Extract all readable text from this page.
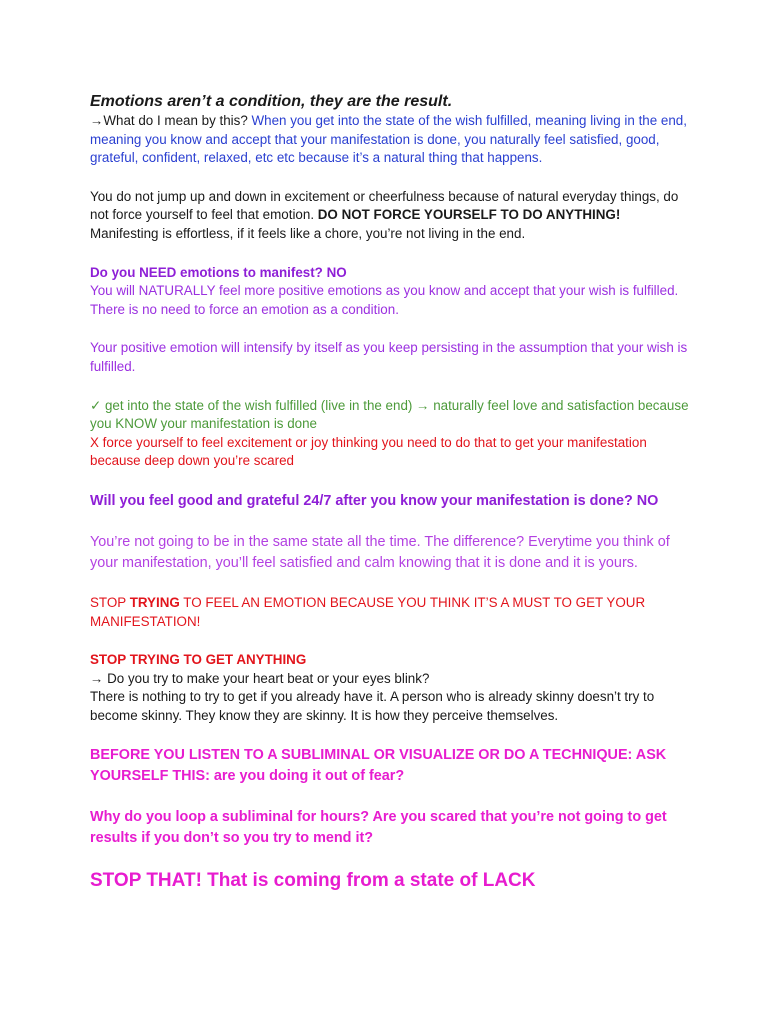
Emotions aren’t a condition, they are the result.

→What do I mean by this? When you get into the state of the wish fulfilled, meaning living in the end, meaning you know and accept that your manifestation is done, you naturally feel satisfied, good, grateful, confident, relaxed, etc etc because it’s a natural thing that happens.

You do not jump up and down in excitement or cheerfulness because of natural everyday things, do not force yourself to feel that emotion. DO NOT FORCE YOURSELF TO DO ANYTHING!
Manifesting is effortless, if it feels like a chore, you’re not living in the end.

Do you NEED emotions to manifest? NO

You will NATURALLY feel more positive emotions as you know and accept that your wish is fulfilled. There is no need to force an emotion as a condition.

Your positive emotion will intensify by itself as you keep persisting in the assumption that your wish is fulfilled.

✓ get into the state of the wish fulfilled (live in the end) → naturally feel love and satisfaction because you KNOW your manifestation is done

X force yourself to feel excitement or joy thinking you need to do that to get your manifestation because deep down you’re scared

Will you feel good and grateful 24/7 after you know your manifestation is done? NO

You’re not going to be in the same state all the time. The difference? Everytime you think of your manifestation, you’ll feel satisfied and calm knowing that it is done and it is yours.

STOP TRYING TO FEEL AN EMOTION BECAUSE YOU THINK IT’S A MUST TO GET YOUR MANIFESTATION!

STOP TRYING TO GET ANYTHING

→ Do you try to make your heart beat or your eyes blink?

There is nothing to try to get if you already have it. A person who is already skinny doesn’t try to become skinny. They know they are skinny. It is how they perceive themselves.

BEFORE YOU LISTEN TO A SUBLIMINAL OR VISUALIZE OR DO A TECHNIQUE: ASK YOURSELF THIS: are you doing it out of fear?

Why do you loop a subliminal for hours? Are you scared that you’re not going to get results if you don’t so you try to mend it?

STOP THAT! That is coming from a state of LACK
